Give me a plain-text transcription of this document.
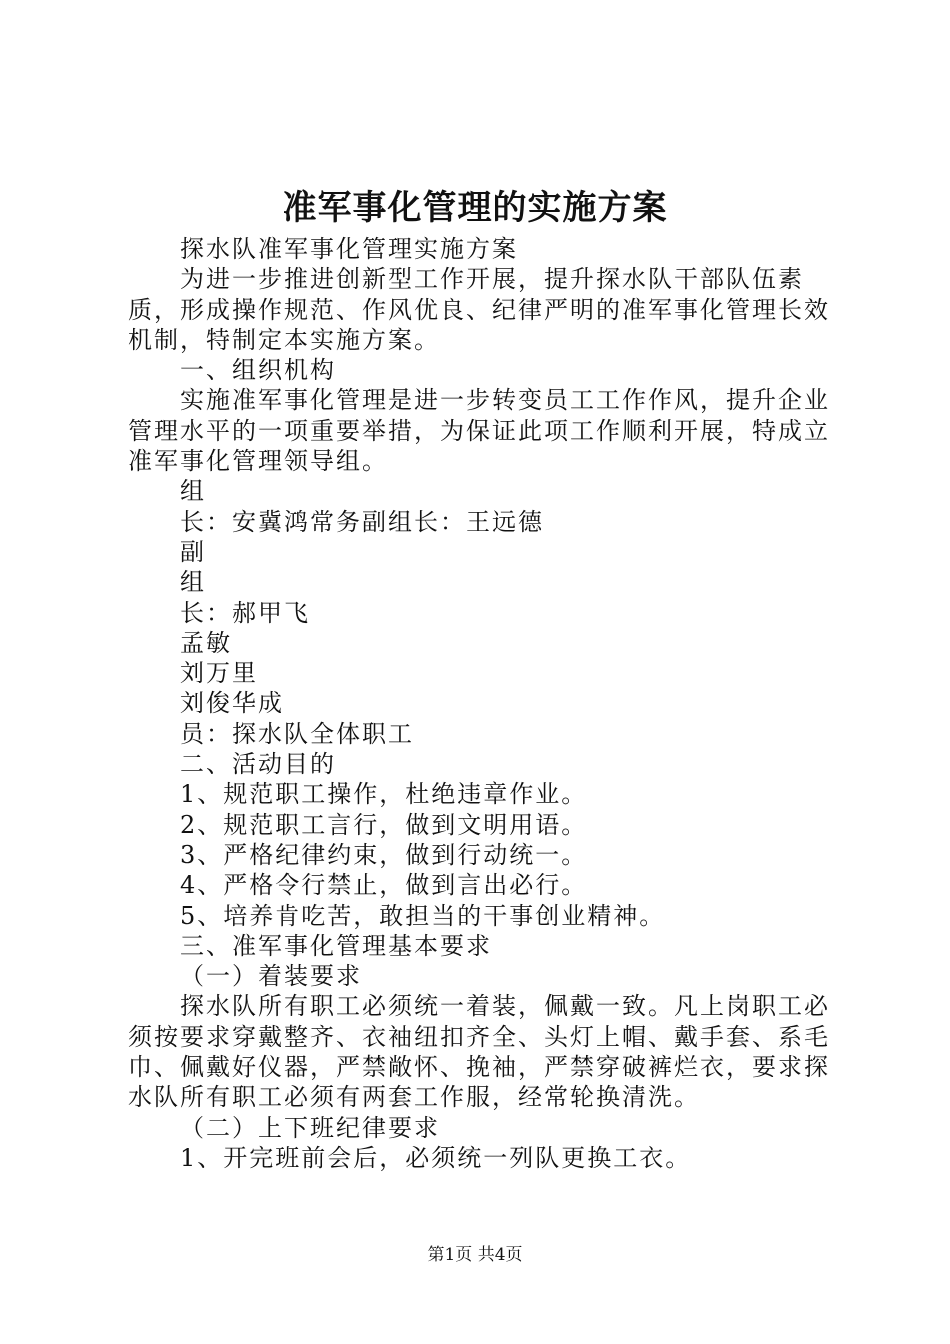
准军事化管理的实施方案

探水队准军事化管理实施方案

为进一步推进创新型工作开展，提升探水队干部队伍素质，形成操作规范、作风优良、纪律严明的准军事化管理长效机制，特制定本实施方案。

一、组织机构

实施准军事化管理是进一步转变员工工作作风，提升企业管理水平的一项重要举措，为保证此项工作顺利开展，特成立准军事化管理领导组。

组

长：安冀鸿常务副组长：王远德

副

组

长：郝甲飞

孟敏

刘万里

刘俊华成

员：探水队全体职工

二、活动目的

1、规范职工操作，杜绝违章作业。

2、规范职工言行，做到文明用语。

3、严格纪律约束，做到行动统一。

4、严格令行禁止，做到言出必行。

5、培养肯吃苦，敢担当的干事创业精神。

三、准军事化管理基本要求

（一）着装要求

探水队所有职工必须统一着装，佩戴一致。凡上岗职工必须按要求穿戴整齐、衣袖纽扣齐全、头灯上帽、戴手套、系毛巾、佩戴好仪器，严禁敞怀、挽袖，严禁穿破裤烂衣，要求探水队所有职工必须有两套工作服，经常轮换清洗。

（二）上下班纪律要求

1、开完班前会后，必须统一列队更换工衣。

第1页 共4页
